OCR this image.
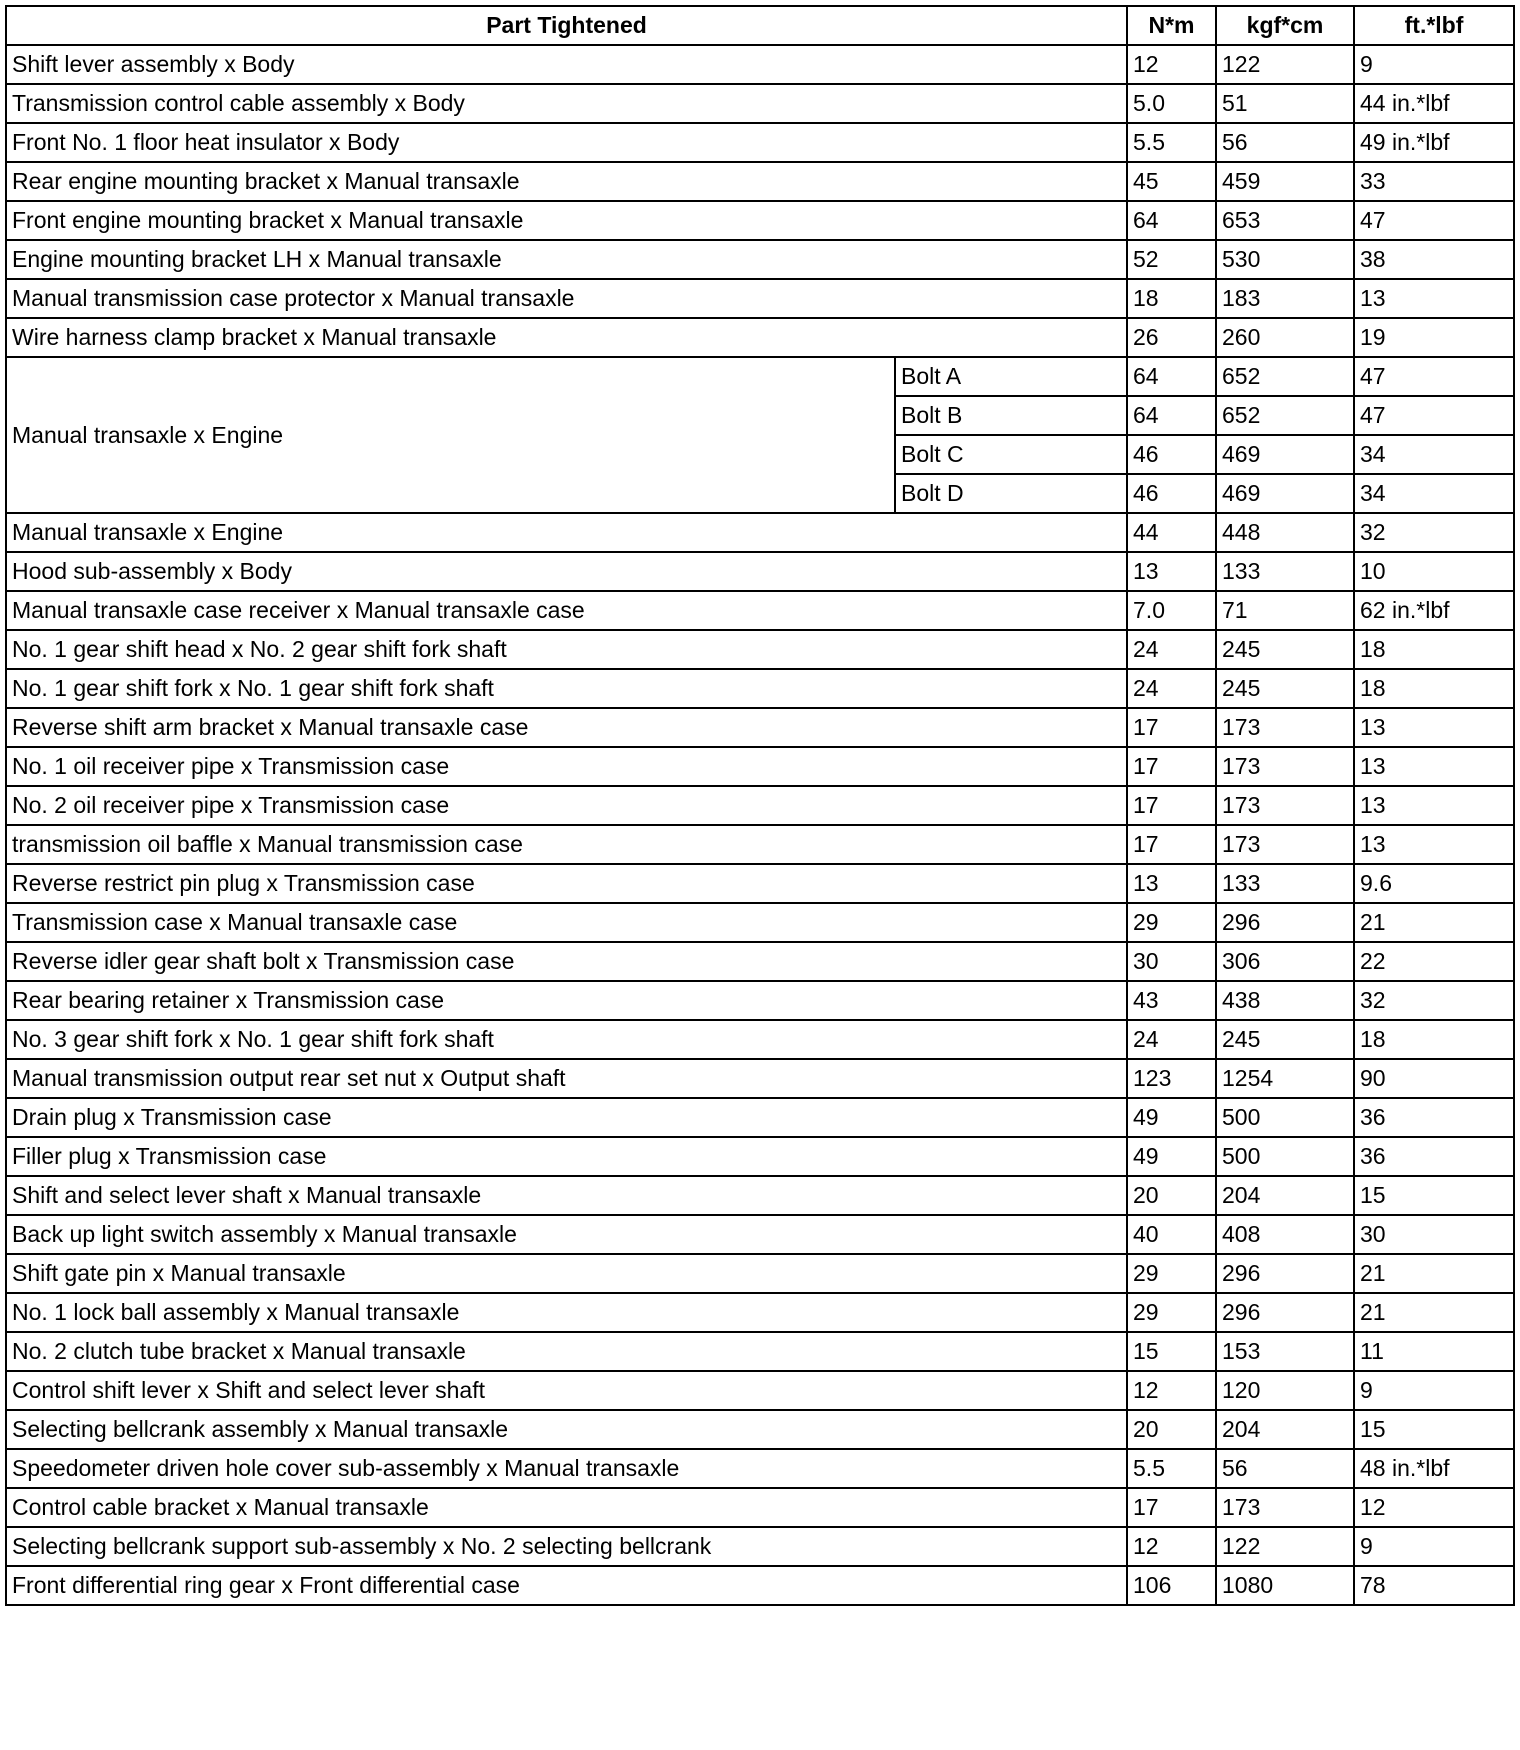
Part Tightened		N*m	kgf*cm	ft.*lbf
Shift lever assembly x Body		12	122	9
Transmission control cable assembly x Body		5.0	51	44 in.*lbf
Front No. 1 floor heat insulator x Body		5.5	56	49 in.*lbf
Rear engine mounting bracket x Manual transaxle		45	459	33
Front engine mounting bracket x Manual transaxle		64	653	47
Engine mounting bracket LH x Manual transaxle		52	530	38
Manual transmission case protector x Manual transaxle		18	183	13
Wire harness clamp bracket x Manual transaxle		26	260	19
Manual transaxle x Engine	Bolt A	64	652	47
	Bolt B	64	652	47
	Bolt C	46	469	34
	Bolt D	46	469	34
Manual transaxle x Engine		44	448	32
Hood sub-assembly x Body		13	133	10
Manual transaxle case receiver x Manual transaxle case		7.0	71	62 in.*lbf
No. 1 gear shift head x No. 2 gear shift fork shaft		24	245	18
No. 1 gear shift fork x No. 1 gear shift fork shaft		24	245	18
Reverse shift arm bracket x Manual transaxle case		17	173	13
No. 1 oil receiver pipe x Transmission case		17	173	13
No. 2 oil receiver pipe x Transmission case		17	173	13
transmission oil baffle x Manual transmission case		17	173	13
Reverse restrict pin plug x Transmission case		13	133	9.6
Transmission case x Manual transaxle case		29	296	21
Reverse idler gear shaft bolt x Transmission case		30	306	22
Rear bearing retainer x Transmission case		43	438	32
No. 3 gear shift fork x No. 1 gear shift fork shaft		24	245	18
Manual transmission output rear set nut x Output shaft		123	1254	90
Drain plug x Transmission case		49	500	36
Filler plug x Transmission case		49	500	36
Shift and select lever shaft x Manual transaxle		20	204	15
Back up light switch assembly x Manual transaxle		40	408	30
Shift gate pin x Manual transaxle		29	296	21
No. 1 lock ball assembly x Manual transaxle		29	296	21
No. 2 clutch tube bracket x Manual transaxle		15	153	11
Control shift lever x Shift and select lever shaft		12	120	9
Selecting bellcrank assembly x Manual transaxle		20	204	15
Speedometer driven hole cover sub-assembly x Manual transaxle		5.5	56	48 in.*lbf
Control cable bracket x Manual transaxle		17	173	12
Selecting bellcrank support sub-assembly x No. 2 selecting bellcrank		12	122	9
Front differential ring gear x Front differential case		106	1080	78
